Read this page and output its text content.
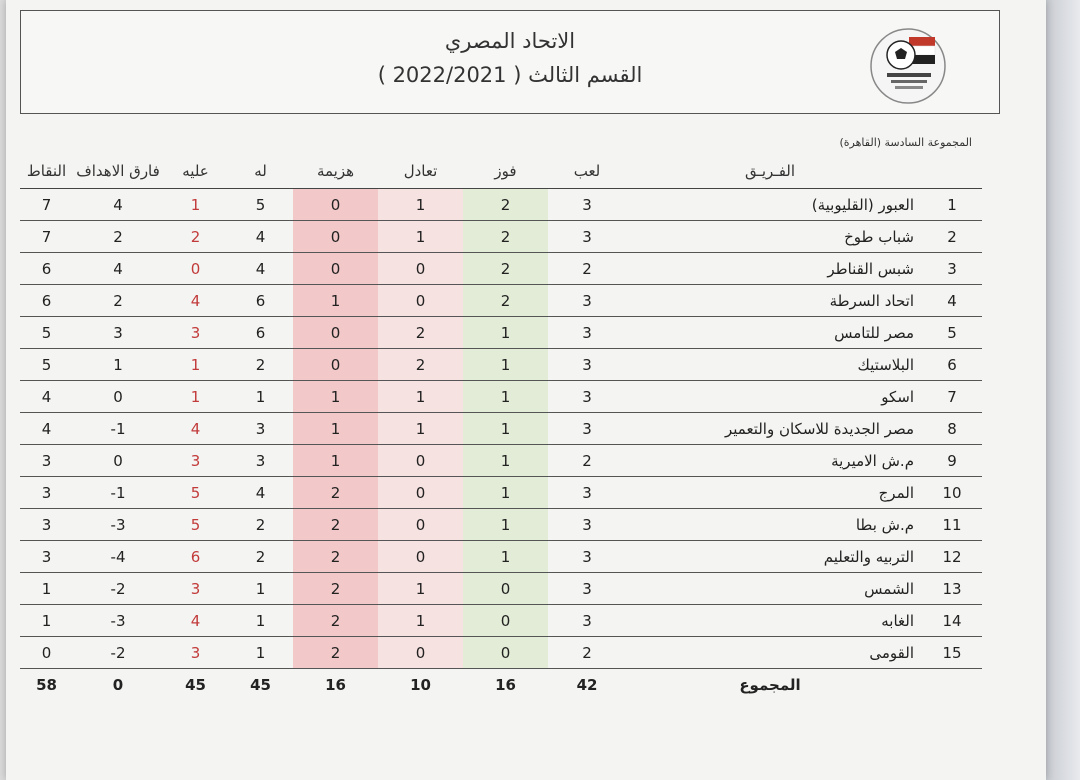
الاتحاد المصري
القسم الثالث ( 2022/2021 )
المجموعة السادسة (القاهرة)
	الفـريـق	لعب	فوز	تعادل	هزيمة	له	عليه	فارق الاهداف	النقاط
1	العبور (القليوبية)	3	2	1	0	5	1	4	7
2	شباب طوخ	3	2	1	0	4	2	2	7
3	شبس القناطر	2	2	0	0	4	0	4	6
4	اتحاد السرطة	3	2	0	1	6	4	2	6
5	مصر للتامس	3	1	2	0	6	3	3	5
6	البلاستيك	3	1	2	0	2	1	1	5
7	اسكو	3	1	1	1	1	1	0	4
8	مصر الجديدة للاسكان والتعمير	3	1	1	1	3	4	1-	4
9	م.ش الاميرية	2	1	0	1	3	3	0	3
10	المرج	3	1	0	2	4	5	1-	3
11	م.ش بطا	3	1	0	2	2	5	3-	3
12	التربيه والتعليم	3	1	0	2	2	6	4-	3
13	الشمس	3	0	1	2	1	3	2-	1
14	الغابه	3	0	1	2	1	4	3-	1
15	القومى	2	0	0	2	1	3	2-	0
	المجموع	42	16	10	16	45	45	0	58
